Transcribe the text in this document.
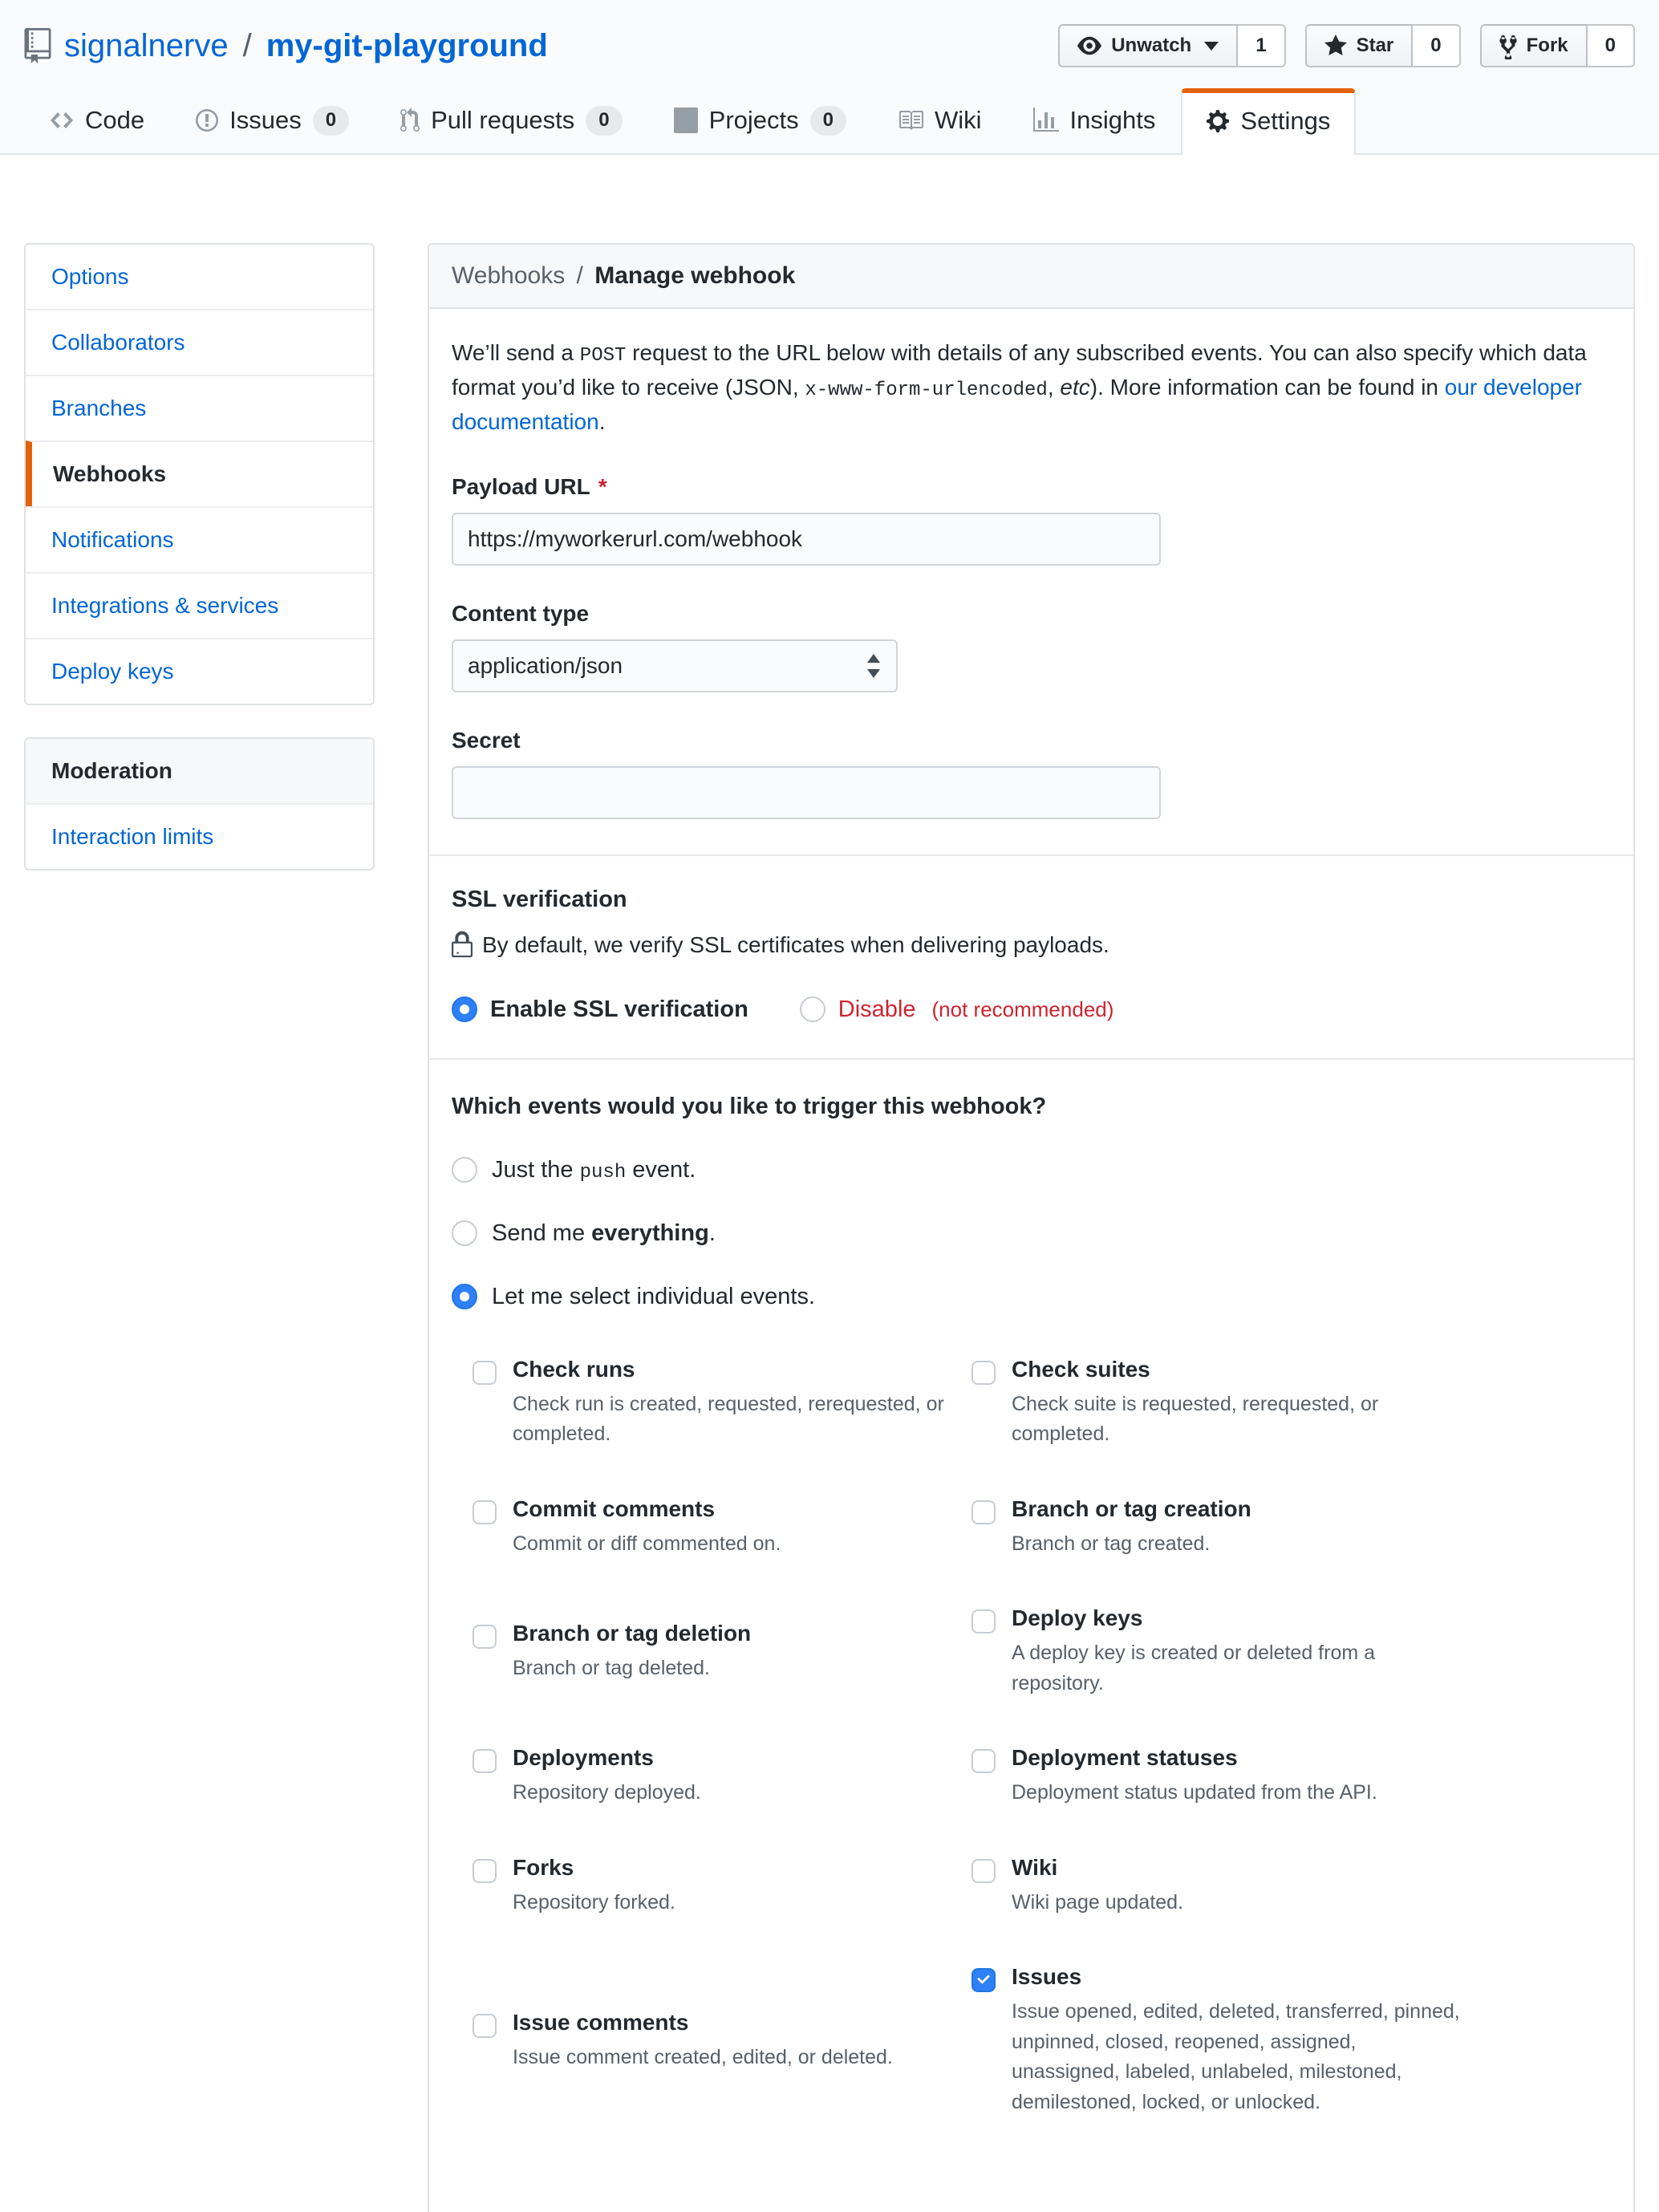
signalnerve / my-git-playground	Unwatch	1	Star	0	Fork	0
Code	Issues	0	Pull requests	0	Projects	0	Wiki	Insights	Settings
Options
Collaborators
Branches
Webhooks
Notifications
Integrations & services
Deploy keys
Moderation
Interaction limits
Webhooks / Manage webhook

We’ll send a POST request to the URL below with details of any subscribed events. You can also specify which data format you’d like to receive (JSON, x-www-form-urlencoded, etc). More information can be found in our developer documentation.

Payload URL *
https://myworkerurl.com/webhook
Content type
application/json
Secret
SSL verification

By default, we verify SSL certificates when delivering payloads.

Enable SSL verification	Disable (not recommended)
Which events would you like to trigger this webhook?
Just the push event.
Send me everything.
Let me select individual events.
Check runs
Check run is created, requested, rerequested, or completed.
Check suites
Check suite is requested, rerequested, or completed.
Commit comments
Commit or diff commented on.
Branch or tag creation
Branch or tag created.
Branch or tag deletion
Branch or tag deleted.
Deploy keys
A deploy key is created or deleted from a repository.
Deployments
Repository deployed.
Deployment statuses
Deployment status updated from the API.
Forks
Repository forked.
Wiki
Wiki page updated.
Issue comments
Issue comment created, edited, or deleted.
Issues
Issue opened, edited, deleted, transferred, pinned, unpinned, closed, reopened, assigned, unassigned, labeled, unlabeled, milestoned, demilestoned, locked, or unlocked.
